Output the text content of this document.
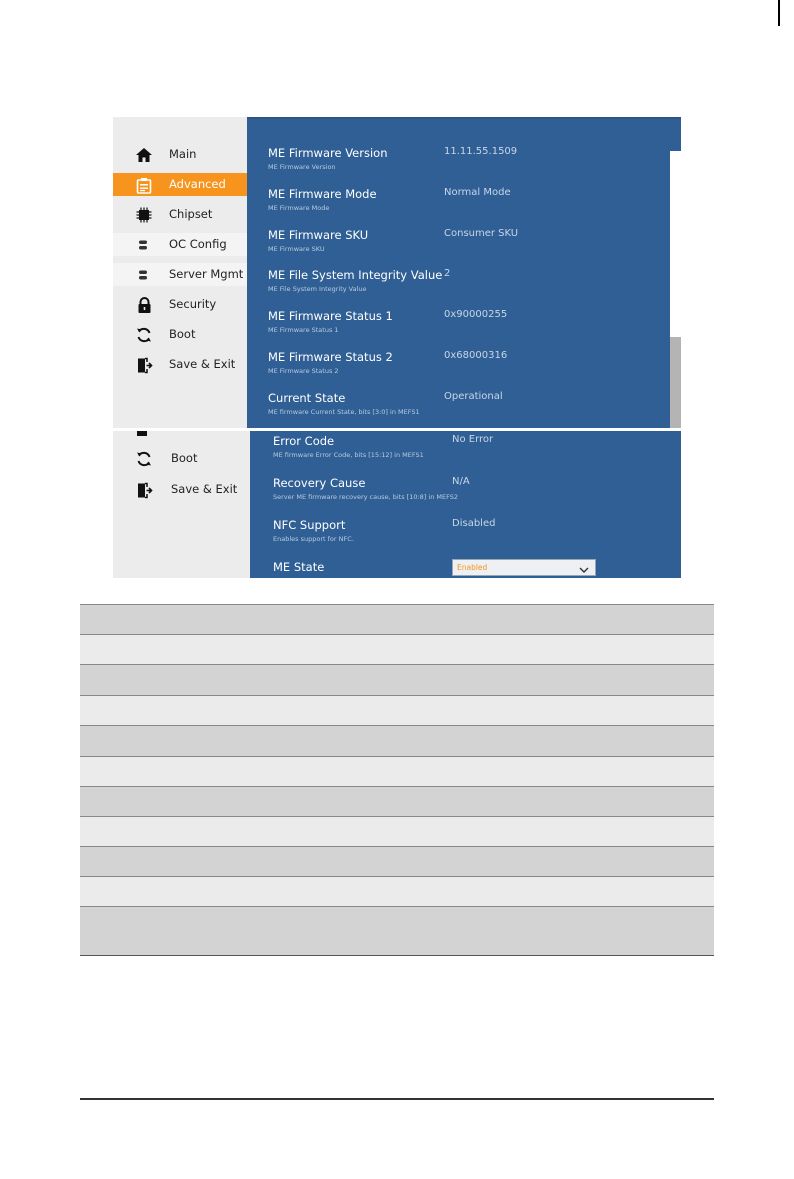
Main
Advanced
Chipset
OC Config
Server Mgmt
Security
Boot
Save & Exit
ME Firmware Version	11.11.55.1509
ME Firmware Version
ME Firmware Mode	Normal Mode
ME Firmware Mode
ME Firmware SKU	Consumer SKU
ME Firmware SKU
ME File System Integrity Value 2
ME File System Integrity Value
ME Firmware Status 1	0x90000255
ME Firmware Status 1
ME Firmware Status 2	0x68000316
ME Firmware Status 2
Current State	Operational
ME firmware Current State, bits [3:0] in MEFS1
Boot
Save & Exit
Error Code	No Error
ME firmware Error Code, bits [15:12] in MEFS1
Recovery Cause	N/A
Server ME firmware recovery cause, bits [10:8] in MEFS2
NFC Support	Disabled
Enables support for NFC.
ME State	Enabled
